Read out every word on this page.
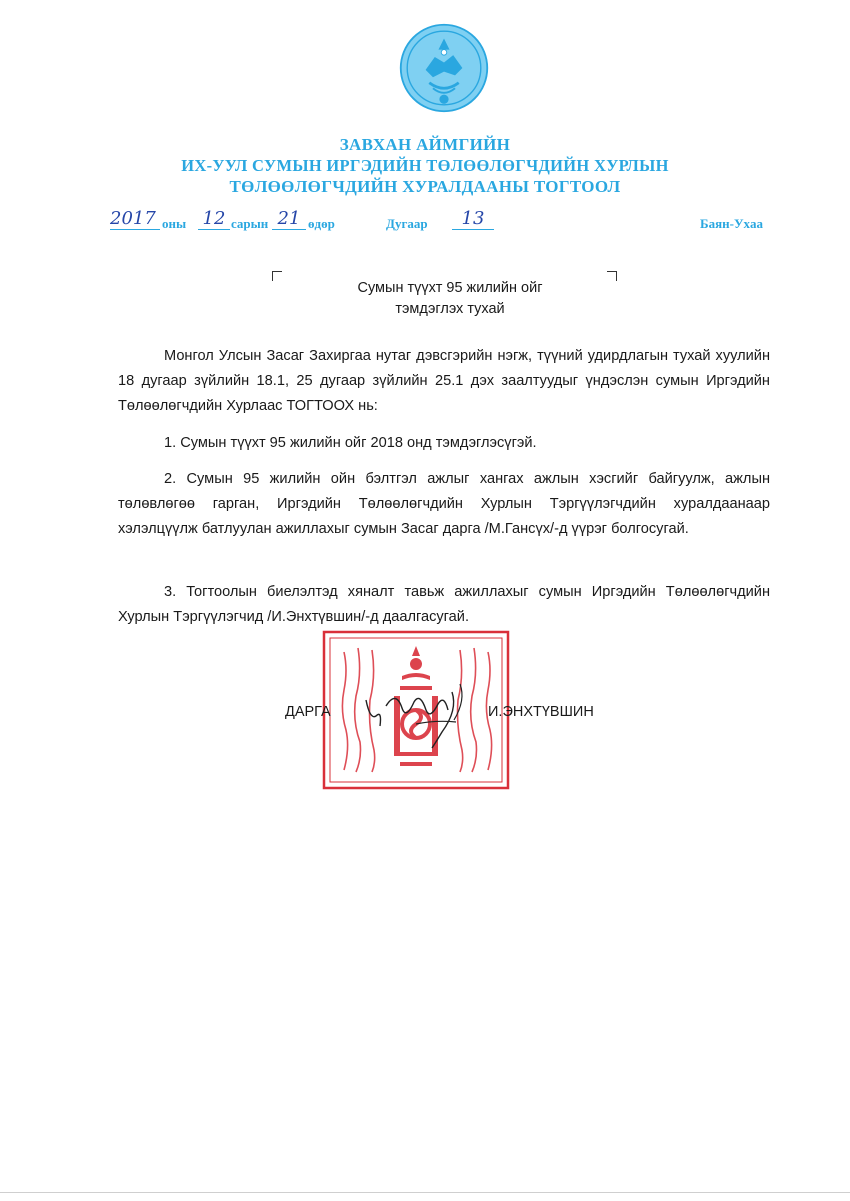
ЗАВХАН АЙМГИЙН
ИХ-УУЛ СУМЫН ИРГЭДИЙН ТӨЛӨӨЛӨГЧДИЙН ХУРЛЫН
ТӨЛӨӨЛӨГЧДИЙН ХУРАЛДААНЫ ТОГТООЛ
2017 оны 12 сарын 21 өдөр	Дугаар	13	Баян-Уxаа
Сумын түүхт 95 жилийн ойг
тэмдэглэх тухай
Монгол Улсын Засаг Захиргаа нутаг дэвсгэрийн нэгж, түүний удирдлагын тухай хуулийн 18 дугаар зүйлийн 18.1, 25 дугаар зүйлийн 25.1 дэх заалтуудыг үндэслэн сумын Иргэдийн Төлөөлөгчдийн Хурлаас ТОГТООХ нь:
1. Сумын түүхт 95 жилийн ойг 2018 онд тэмдэглэсүгэй.
2. Сумын 95 жилийн ойн бэлтгэл ажлыг хангах ажлын хэсгийг байгуулж, ажлын төлөвлөгөө гарган, Иргэдийн Төлөөлөгчдийн Хурлын Тэргүүлэгчдийн хуралдаанаар хэлэлцүүлж батлуулан ажиллахыг сумын Засаг дарга /М.Гансүх/-д үүрэг болгосугай.
3. Тогтоолын биелэлтэд хяналт тавьж ажиллахыг сумын Иргэдийн Төлөөлөгчдийн Хурлын Тэргүүлэгчид /И.Энхтүвшин/-д даалгасугай.
ДАРГА	И.ЭНХТҮВШИН
